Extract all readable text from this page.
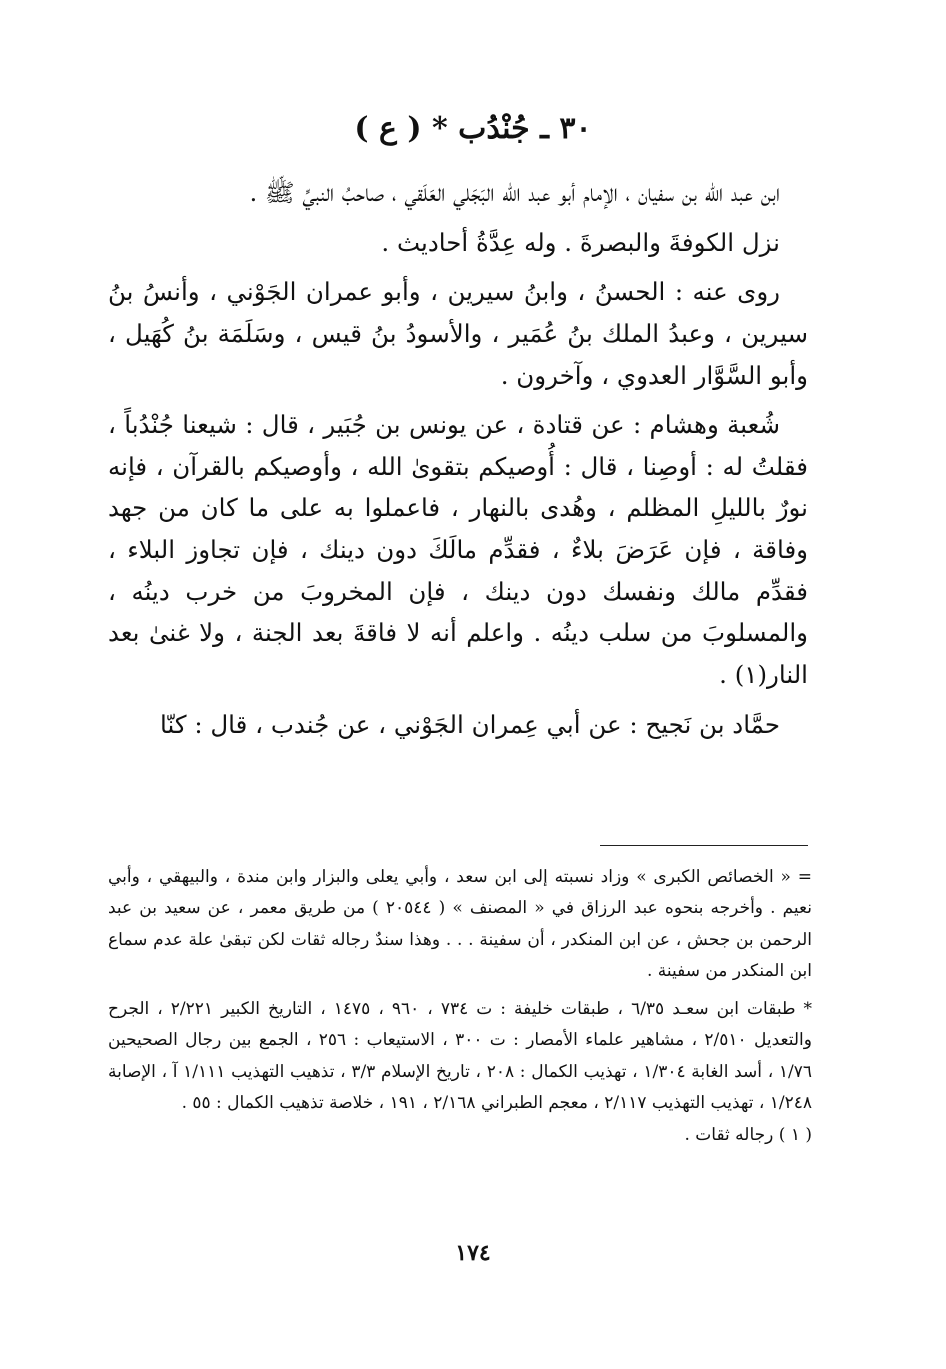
٣٠ ـ جُنْدُب * ( ع )

ابن عبد الله بن سفيان ، الإمام أبو عبد الله البَجَلي العَلَقي ، صاحبُ النبيِّ ﷺ .

نزل الكوفةَ والبصرةَ . وله عِدَّةُ أحاديث .

روى عنه : الحسنُ ، وابنُ سيرين ، وأبو عمران الجَوْني ، وأنسُ بنُ سيرين ، وعبدُ الملك بنُ عُمَير ، والأسودُ بنُ قيس ، وسَلَمَة بنُ كُهَيل ، وأبو السَّوَّار العدوي ، وآخرون .

شُعبة وهشام : عن قتادة ، عن يونس بن جُبَير ، قال : شيعنا جُنْدُباً ، فقلتُ له : أوصِنا ، قال : أُوصيكم بتقوىٰ الله ، وأوصيكم بالقرآن ، فإنه نورٌ بالليلِ المظلم ، وهُدى بالنهار ، فاعملوا به على ما كان من جهد وفاقة ، فإن عَرَضَ بلاءٌ ، فقدِّم مالَكَ دون دينك ، فإن تجاوز البلاء ، فقدِّم مالك ونفسك دون دينك ، فإن المخروبَ من خرب دينُه ، والمسلوبَ من سلب دينُه . واعلم أنه لا فاقةَ بعد الجنة ، ولا غنىٰ بعد النار(١) .

حمَّاد بن نَجيح : عن أبي عِمران الجَوْني ، عن جُندب ، قال : كنّا

= « الخصائص الكبرى » وزاد نسبته إلى ابن سعد ، وأبي يعلى والبزار وابن مندة ، والبيهقي ، وأبي نعيم . وأخرجه بنحوه عبد الرزاق في « المصنف » ( ٢٠٥٤٤ ) من طريق معمر ، عن سعيد بن عبد الرحمن بن جحش ، عن ابن المنكدر ، أن سفينة . . . وهذا سندٌ رجاله ثقات لكن تبقىٰ علة عدم سماع ابن المنكدر من سفينة .

* طبقات ابن سعـد ٦/٣٥ ، طبقات خليفة : ت ٧٣٤ ، ٩٦٠ ، ١٤٧٥ ، التاريخ الكبير ٢/٢٢١ ، الجرح والتعديل ٢/٥١٠ ، مشاهير علماء الأمصار : ت ٣٠٠ ، الاستيعاب : ٢٥٦ ، الجمع بين رجال الصحيحين ١/٧٦ ، أسد الغابة ١/٣٠٤ ، تهذيب الكمال : ٢٠٨ ، تاريخ الإسلام ٣/٣ ، تذهيب التهذيب ١/١١١ آ ، الإصابة ١/٢٤٨ ، تهذيب التهذيب ٢/١١٧ ، معجم الطبراني ٢/١٦٨ ، ١٩١ ، خلاصة تذهيب الكمال : ٥٥ .

( ١ ) رجاله ثقات .

١٧٤
